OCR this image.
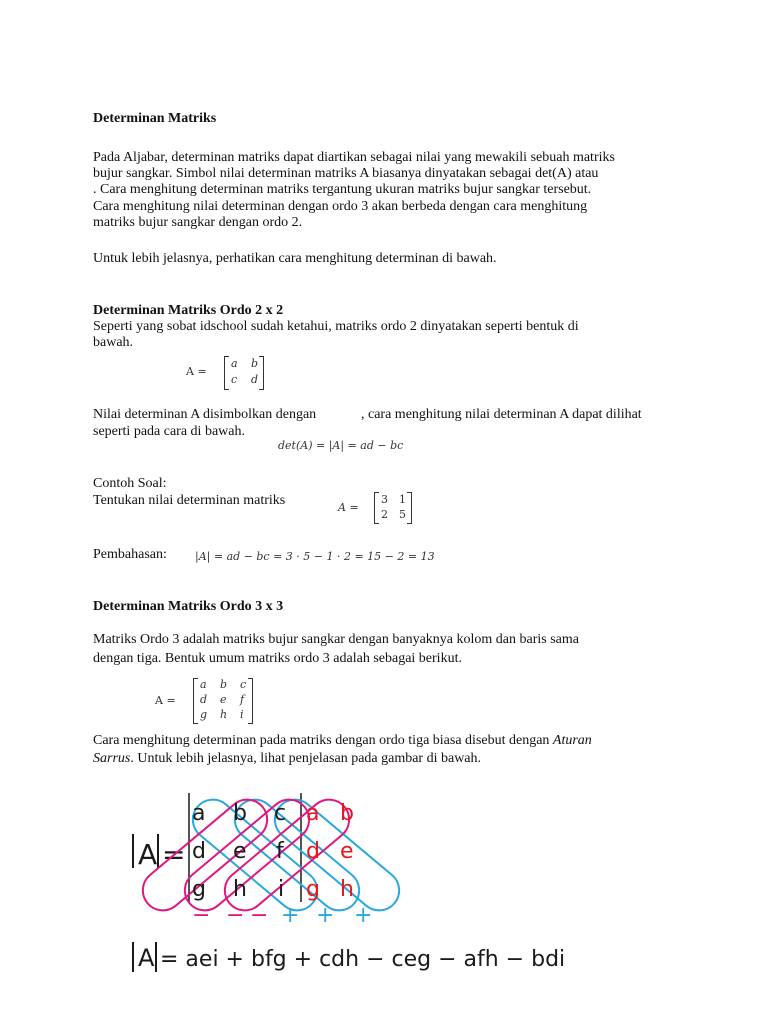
Determinan Matriks
Pada Aljabar, determinan matriks dapat diartikan sebagai nilai yang mewakili sebuah matriks
bujur sangkar. Simbol nilai determinan matriks A biasanya dinyatakan sebagai det(A) atau
. Cara menghitung determinan matriks tergantung ukuran matriks bujur sangkar tersebut.
Cara menghitung nilai determinan dengan ordo 3 akan berbeda dengan cara menghitung
matriks bujur sangkar dengan ordo 2.
Untuk lebih jelasnya, perhatikan cara menghitung determinan di bawah.
Determinan Matriks Ordo 2 x 2
Seperti yang sobat idschool sudah ketahui, matriks ordo 2 dinyatakan seperti bentuk di
bawah.
A =
a b
c d
Nilai determinan A disimbolkan dengan	, cara menghitung nilai determinan A dapat dilihat
seperti pada cara di bawah.
det(A) = |A| = ad − bc
Contoh Soal:
Tentukan nilai determinan matriks	A =
3 1
2 5
Pembahasan:	|A| = ad − bc = 3 · 5 − 1 · 2 = 15 − 2 = 13
Determinan Matriks Ordo 3 x 3
Matriks Ordo 3 adalah matriks bujur sangkar dengan banyaknya kolom dan baris sama
dengan tiga. Bentuk umum matriks ordo 3 adalah sebagai berikut.
A =
a b c
d e f
g h i
Cara menghitung determinan pada matriks dengan ordo tiga biasa disebut dengan Aturan
Sarrus. Untuk lebih jelasnya, lihat penjelasan pada gambar di bawah.
A =
a b c a b
d e f d e
g h i g h
− − − + + +
A = aei + bfg + cdh − ceg − afh − bdi
